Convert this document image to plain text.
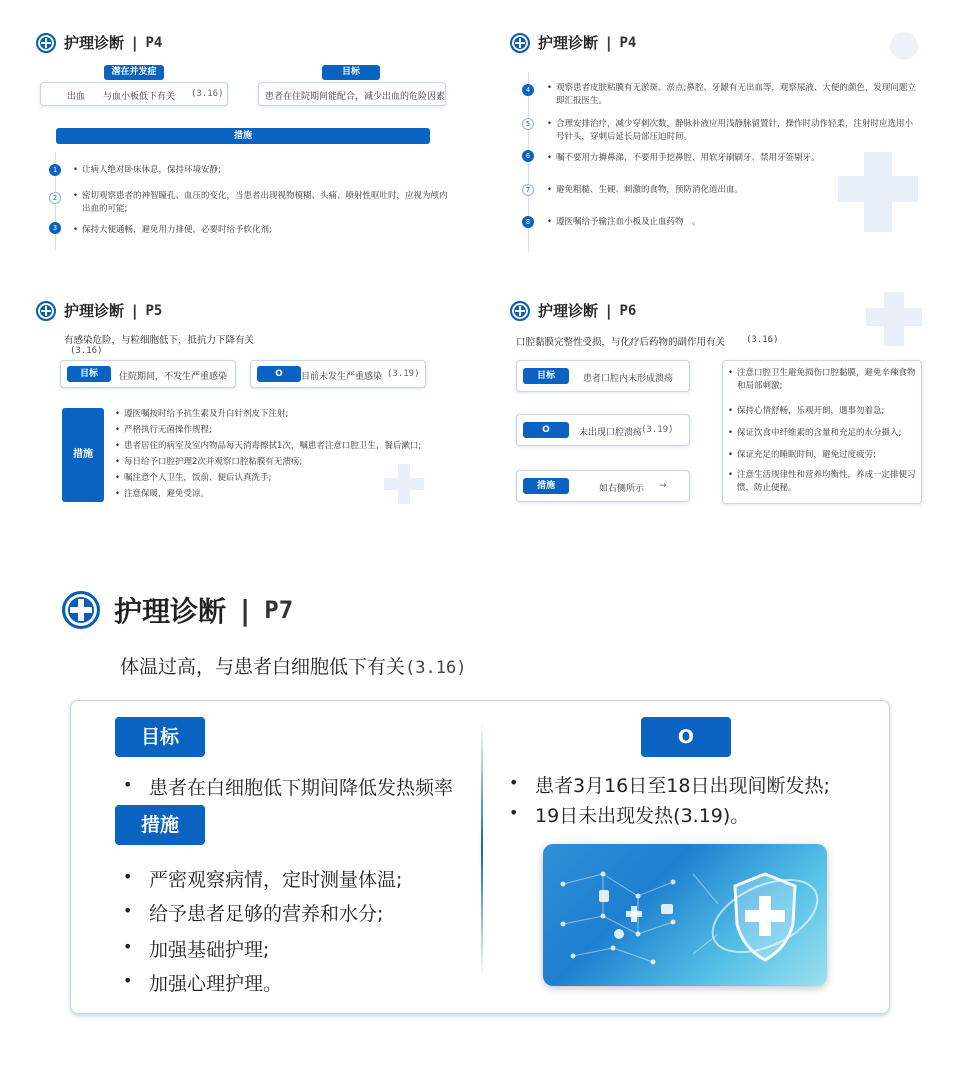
护理诊断 | P4
潜在并发症
出血　　与血小板低下有关 (3.16)
目标
患者在住院期间能配合，减少出血的危险因素
措施
1	• 让病人绝对卧床休息，保持环境安静;
2	• 密切观察患者的神智瞳孔、血压的变化，当患者出现视物模糊、头痛、喷射性呕吐时，应视为颅内出血的可能;
3	• 保持大便通畅，避免用力排便，必要时给予软化剂;
护理诊断 | P4
4	• 观察患者皮肤粘膜有无淤斑、淤点;鼻腔、牙龈有无出血等，观察尿液、大便的颜色，发现问题立即汇报医生。
5	• 合理安排治疗，减少穿刺次数，静脉补液应用浅静脉留置针，操作时动作轻柔，注射时应选用小号针头，穿刺后延长局部压迫时间。
6	• 嘱不要用力擤鼻涕，不要用手挖鼻腔、用软牙刷刷牙、禁用牙签剔牙。
7	• 避免粗糙、生硬、刺激的食物，预防消化道出血。
8	• 遵医嘱给予输注血小板及止血药物　。
护理诊断 | P5
有感染危险，与粒细胞低下，抵抗力下降有关
(3.16)
目标	住院期间，不发生严重感染	O	目前未发生严重感染 (3.19)
措施
• 遵医嘱按时给予抗生素及升白针剂皮下注射;
• 严格执行无菌操作规程;
• 患者居住的病室及室内物品每天消毒擦拭1次，嘱患者注意口腔卫生，餐后漱口;
• 每日给予口腔护理2次并观察口腔粘膜有无溃疡;
• 嘱注意个人卫生，饭前、便后认真洗手;
• 注意保暖，避免受凉。
护理诊断 | P6
口腔黏膜完整性受损，与化疗后药物的副作用有关 (3.16)
目标	患者口腔内未形成溃疡
O	未出现口腔溃疡
(3.19)
措施	如右侧所示 →
• 注意口腔卫生避免损伤口腔黏膜，避免辛辣食物和局部刺激;
• 保持心情舒畅，乐观开朗，遇事勿着急;
• 保证饮食中纤维素的含量和充足的水分摄入;
• 保证充足的睡眠时间，避免过度疲劳;
• 注意生活规律性和营养均衡性，养成一定排便习惯，防止便秘。
护理诊断 | P7
体温过高，与患者白细胞低下有关(3.16)
目标
• 患者在白细胞低下期间降低发热频率
措施
• 严密观察病情，定时测量体温;
• 给予患者足够的营养和水分;
• 加强基础护理;
• 加强心理护理。
O
• 患者3月16日至18日出现间断发热;
• 19日未出现发热(3.19)。
